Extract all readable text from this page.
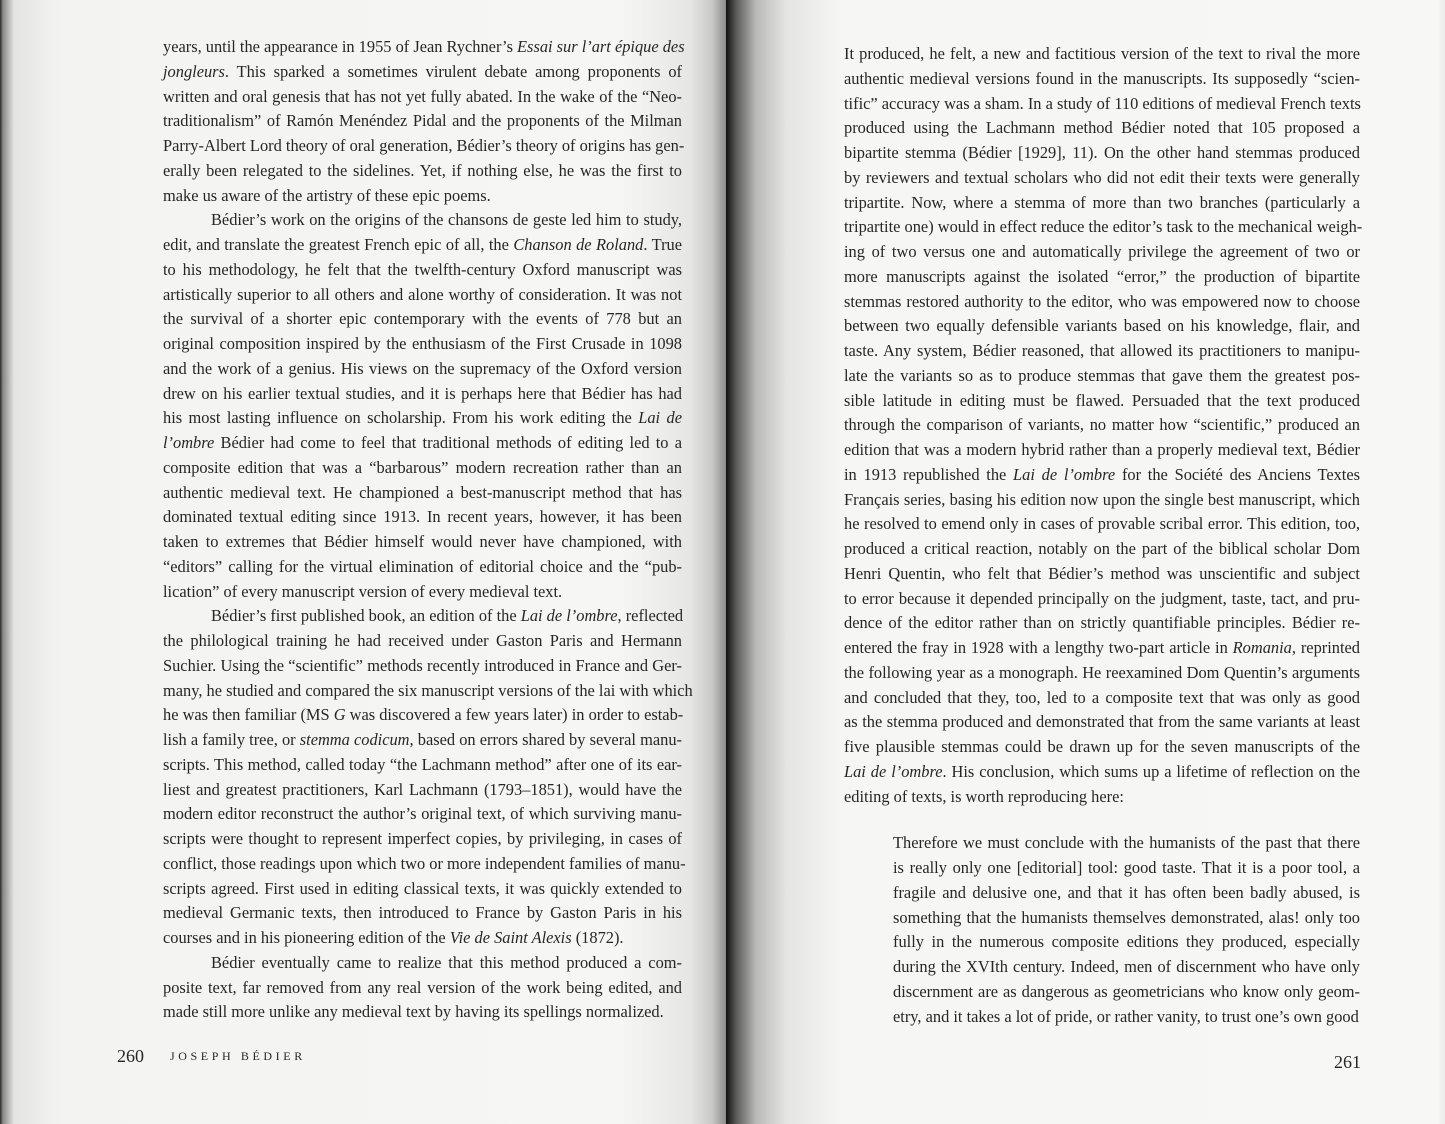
years, until the appearance in 1955 of Jean Rychner’s Essai sur l’art épique des
jongleurs. This sparked a sometimes virulent debate among proponents of
written and oral genesis that has not yet fully abated. In the wake of the “Neo-
traditionalism” of Ramón Menéndez Pidal and the proponents of the Milman
Parry-Albert Lord theory of oral generation, Bédier’s theory of origins has gen-
erally been relegated to the sidelines. Yet, if nothing else, he was the first to
make us aware of the artistry of these epic poems.
Bédier’s work on the origins of the chansons de geste led him to study,
edit, and translate the greatest French epic of all, the Chanson de Roland. True
to his methodology, he felt that the twelfth-century Oxford manuscript was
artistically superior to all others and alone worthy of consideration. It was not
the survival of a shorter epic contemporary with the events of 778 but an
original composition inspired by the enthusiasm of the First Crusade in 1098
and the work of a genius. His views on the supremacy of the Oxford version
drew on his earlier textual studies, and it is perhaps here that Bédier has had
his most lasting influence on scholarship. From his work editing the Lai de
l’ombre Bédier had come to feel that traditional methods of editing led to a
composite edition that was a “barbarous” modern recreation rather than an
authentic medieval text. He championed a best-manuscript method that has
dominated textual editing since 1913. In recent years, however, it has been
taken to extremes that Bédier himself would never have championed, with
“editors” calling for the virtual elimination of editorial choice and the “pub-
lication” of every manuscript version of every medieval text.
Bédier’s first published book, an edition of the Lai de l’ombre, reflected
the philological training he had received under Gaston Paris and Hermann
Suchier. Using the “scientific” methods recently introduced in France and Ger-
many, he studied and compared the six manuscript versions of the lai with which
he was then familiar (MS G was discovered a few years later) in order to estab-
lish a family tree, or stemma codicum, based on errors shared by several manu-
scripts. This method, called today “the Lachmann method” after one of its ear-
liest and greatest practitioners, Karl Lachmann (1793–1851), would have the
modern editor reconstruct the author’s original text, of which surviving manu-
scripts were thought to represent imperfect copies, by privileging, in cases of
conflict, those readings upon which two or more independent families of manu-
scripts agreed. First used in editing classical texts, it was quickly extended to
medieval Germanic texts, then introduced to France by Gaston Paris in his
courses and in his pioneering edition of the Vie de Saint Alexis (1872).
Bédier eventually came to realize that this method produced a com-
posite text, far removed from any real version of the work being edited, and
made still more unlike any medieval text by having its spellings normalized.
260 JOSEPH BÉDIER
It produced, he felt, a new and factitious version of the text to rival the more
authentic medieval versions found in the manuscripts. Its supposedly “scien-
tific” accuracy was a sham. In a study of 110 editions of medieval French texts
produced using the Lachmann method Bédier noted that 105 proposed a
bipartite stemma (Bédier [1929], 11). On the other hand stemmas produced
by reviewers and textual scholars who did not edit their texts were generally
tripartite. Now, where a stemma of more than two branches (particularly a
tripartite one) would in effect reduce the editor’s task to the mechanical weigh-
ing of two versus one and automatically privilege the agreement of two or
more manuscripts against the isolated “error,” the production of bipartite
stemmas restored authority to the editor, who was empowered now to choose
between two equally defensible variants based on his knowledge, flair, and
taste. Any system, Bédier reasoned, that allowed its practitioners to manipu-
late the variants so as to produce stemmas that gave them the greatest pos-
sible latitude in editing must be flawed. Persuaded that the text produced
through the comparison of variants, no matter how “scientific,” produced an
edition that was a modern hybrid rather than a properly medieval text, Bédier
in 1913 republished the Lai de l’ombre for the Société des Anciens Textes
Français series, basing his edition now upon the single best manuscript, which
he resolved to emend only in cases of provable scribal error. This edition, too,
produced a critical reaction, notably on the part of the biblical scholar Dom
Henri Quentin, who felt that Bédier’s method was unscientific and subject
to error because it depended principally on the judgment, taste, tact, and pru-
dence of the editor rather than on strictly quantifiable principles. Bédier re-
entered the fray in 1928 with a lengthy two-part article in Romania, reprinted
the following year as a monograph. He reexamined Dom Quentin’s arguments
and concluded that they, too, led to a composite text that was only as good
as the stemma produced and demonstrated that from the same variants at least
five plausible stemmas could be drawn up for the seven manuscripts of the
Lai de l’ombre. His conclusion, which sums up a lifetime of reflection on the
editing of texts, is worth reproducing here:
Therefore we must conclude with the humanists of the past that there
is really only one [editorial] tool: good taste. That it is a poor tool, a
fragile and delusive one, and that it has often been badly abused, is
something that the humanists themselves demonstrated, alas! only too
fully in the numerous composite editions they produced, especially
during the XVIth century. Indeed, men of discernment who have only
discernment are as dangerous as geometricians who know only geom-
etry, and it takes a lot of pride, or rather vanity, to trust one’s own good
261
